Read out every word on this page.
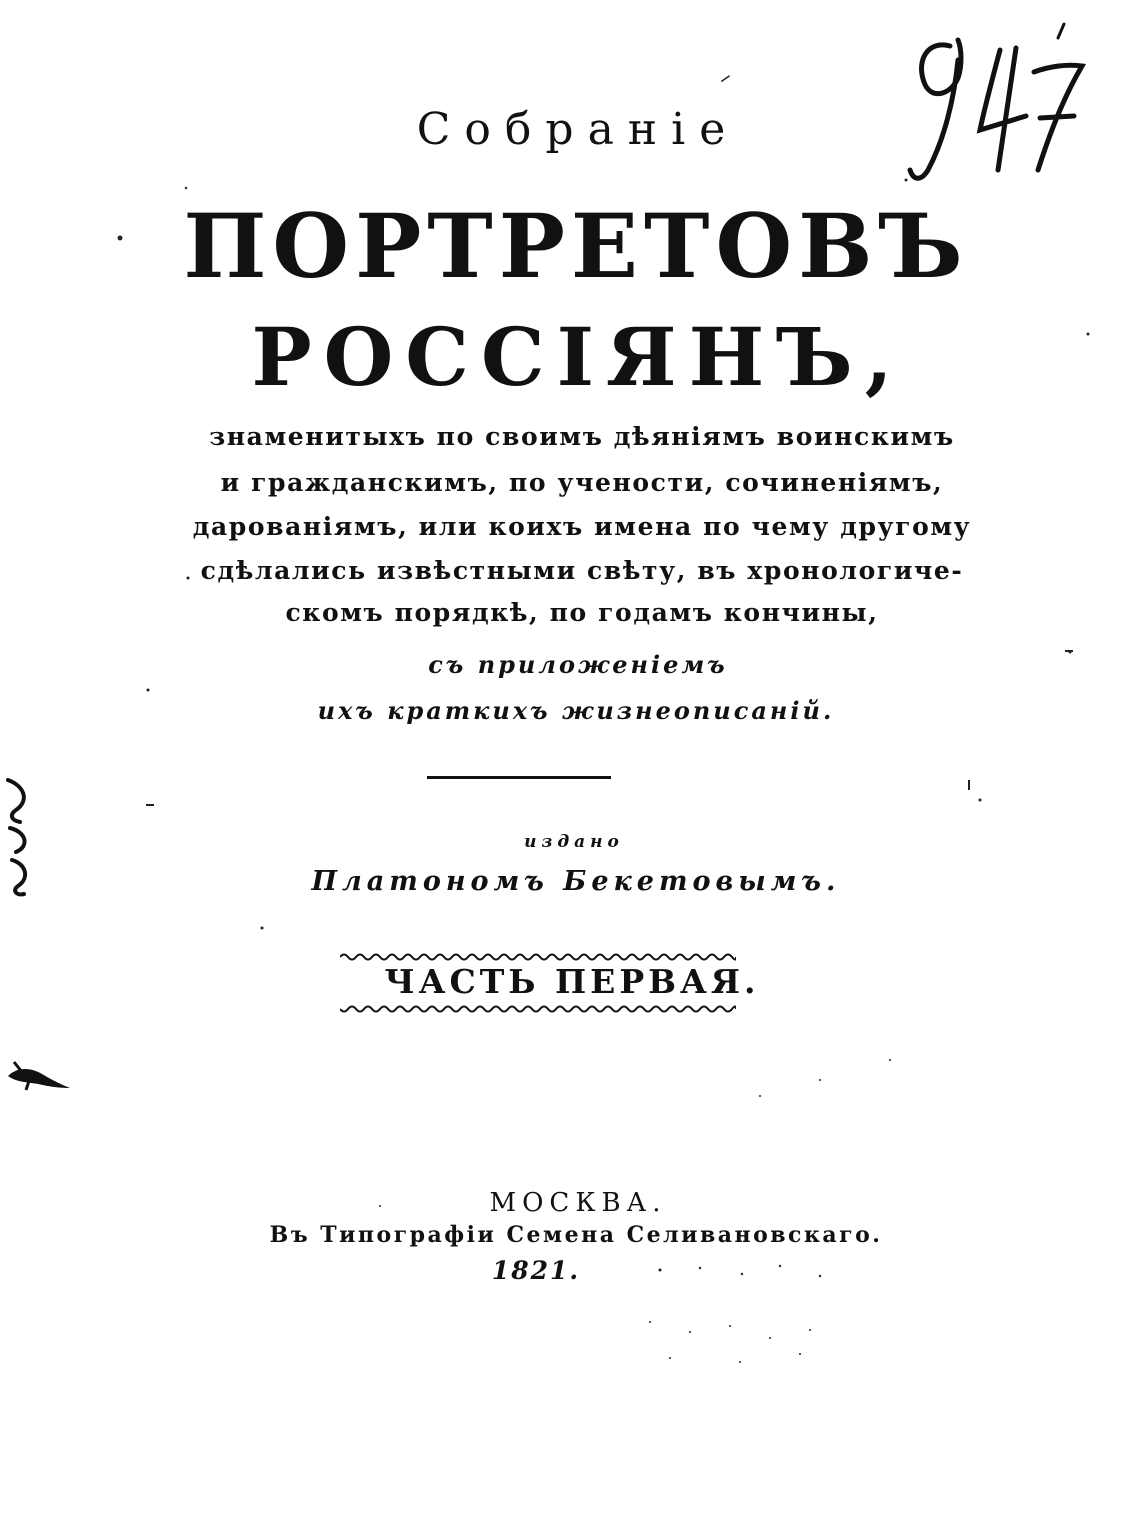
Собранiе
ПОРТРЕТОВЪ
РОССIЯНЪ,
знаменитыхъ по своимъ дѣянiямъ воинскимъ
и гражданскимъ, по учености, сочиненiямъ,
дарованiямъ, или коихъ имена по чему другому
сдѣлались извѣстными свѣту, въ хронологиче-
скомъ порядкѣ, по годамъ кончины,
съ приложенiемъ
ихъ краткихъ жизнеописанiй.
издано
Платономъ Бекетовымъ.
ЧАСТЬ ПЕРВАЯ.
МОСКВА.
Въ Типографiи Семена Селивановскаго.
1821.
